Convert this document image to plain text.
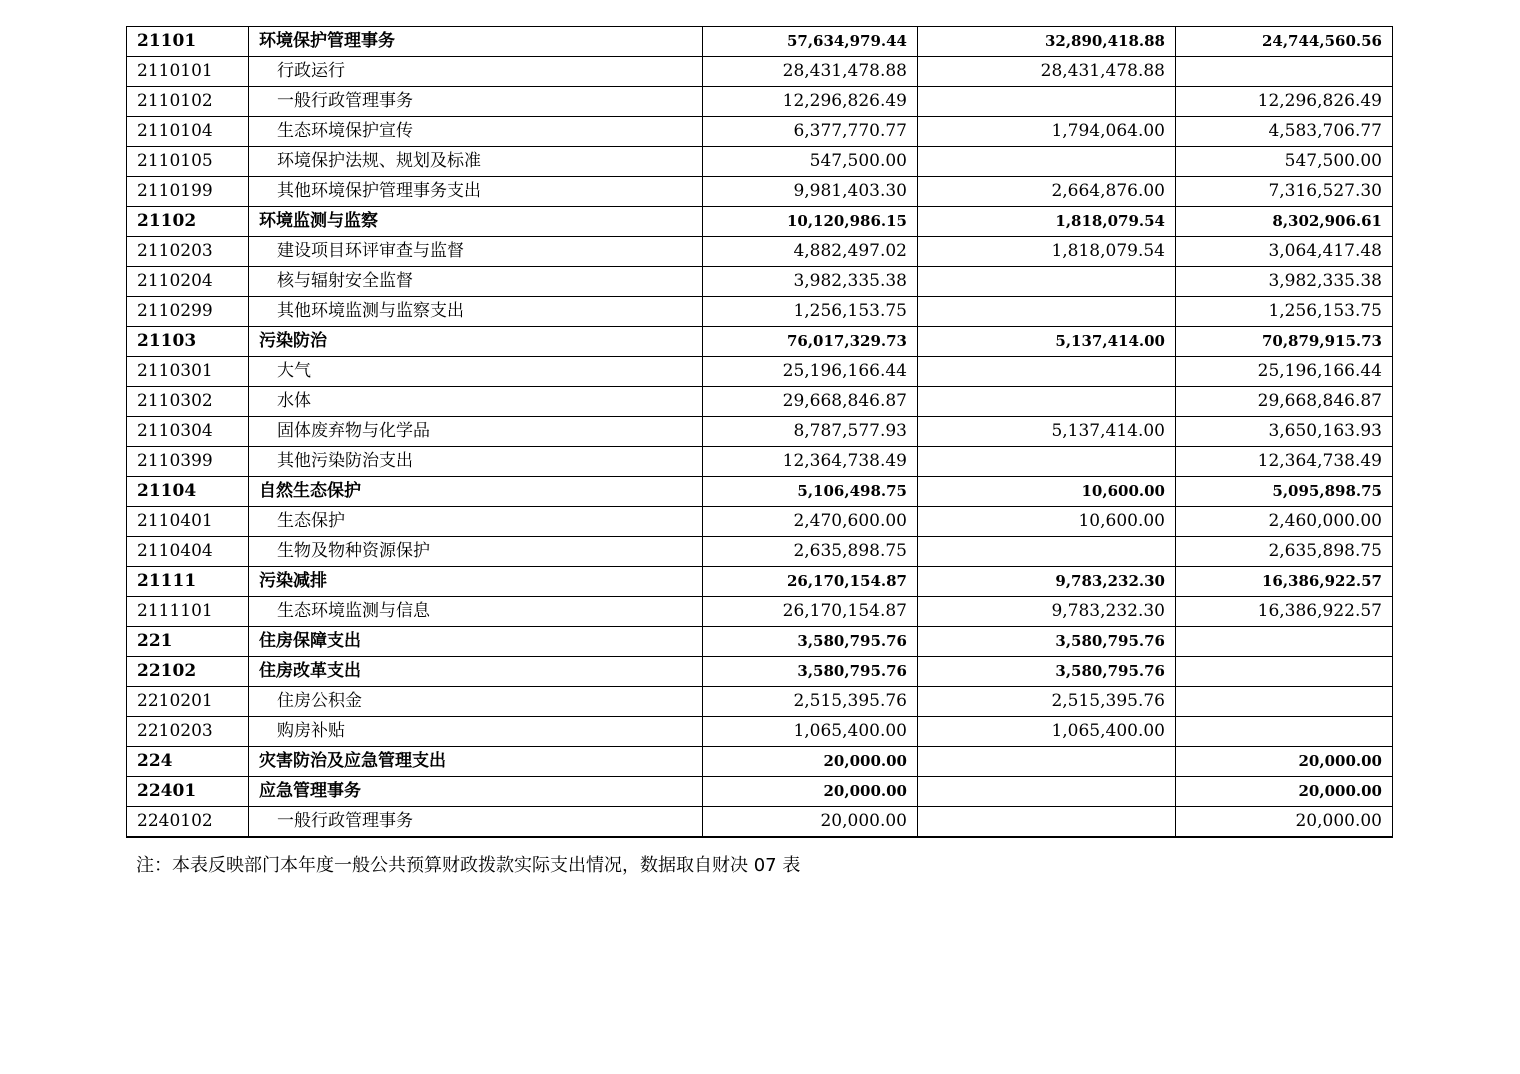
21101	环境保护管理事务	57,634,979.44	32,890,418.88	24,744,560.56
2110101	行政运行	28,431,478.88	28,431,478.88	
2110102	一般行政管理事务	12,296,826.49		12,296,826.49
2110104	生态环境保护宣传	6,377,770.77	1,794,064.00	4,583,706.77
2110105	环境保护法规、规划及标准	547,500.00		547,500.00
2110199	其他环境保护管理事务支出	9,981,403.30	2,664,876.00	7,316,527.30
21102	环境监测与监察	10,120,986.15	1,818,079.54	8,302,906.61
2110203	建设项目环评审查与监督	4,882,497.02	1,818,079.54	3,064,417.48
2110204	核与辐射安全监督	3,982,335.38		3,982,335.38
2110299	其他环境监测与监察支出	1,256,153.75		1,256,153.75
21103	污染防治	76,017,329.73	5,137,414.00	70,879,915.73
2110301	大气	25,196,166.44		25,196,166.44
2110302	水体	29,668,846.87		29,668,846.87
2110304	固体废弃物与化学品	8,787,577.93	5,137,414.00	3,650,163.93
2110399	其他污染防治支出	12,364,738.49		12,364,738.49
21104	自然生态保护	5,106,498.75	10,600.00	5,095,898.75
2110401	生态保护	2,470,600.00	10,600.00	2,460,000.00
2110404	生物及物种资源保护	2,635,898.75		2,635,898.75
21111	污染减排	26,170,154.87	9,783,232.30	16,386,922.57
2111101	生态环境监测与信息	26,170,154.87	9,783,232.30	16,386,922.57
221	住房保障支出	3,580,795.76	3,580,795.76	
22102	住房改革支出	3,580,795.76	3,580,795.76	
2210201	住房公积金	2,515,395.76	2,515,395.76	
2210203	购房补贴	1,065,400.00	1,065,400.00	
224	灾害防治及应急管理支出	20,000.00		20,000.00
22401	应急管理事务	20,000.00		20,000.00
2240102	一般行政管理事务	20,000.00		20,000.00
注：本表反映部门本年度一般公共预算财政拨款实际支出情况，数据取自财决 07 表
